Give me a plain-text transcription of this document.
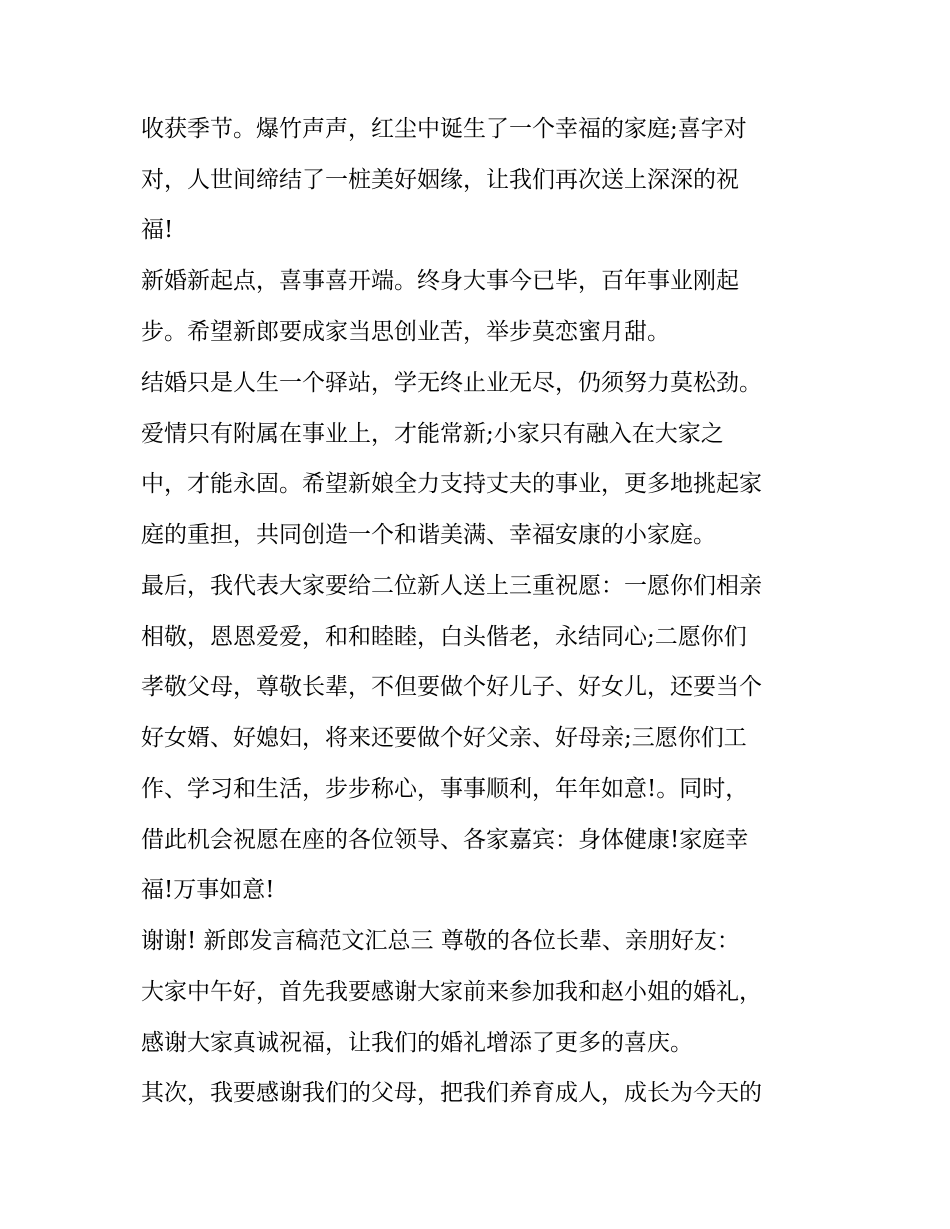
收获季节。爆竹声声，红尘中诞生了一个幸福的家庭;喜字对
对，人世间缔结了一桩美好姻缘，让我们再次送上深深的祝
福!
新婚新起点，喜事喜开端。终身大事今已毕，百年事业刚起
步。希望新郎要成家当思创业苦，举步莫恋蜜月甜。
结婚只是人生一个驿站，学无终止业无尽，仍须努力莫松劲。
爱情只有附属在事业上，才能常新;小家只有融入在大家之
中，才能永固。希望新娘全力支持丈夫的事业，更多地挑起家
庭的重担，共同创造一个和谐美满、幸福安康的小家庭。
最后，我代表大家要给二位新人送上三重祝愿：一愿你们相亲
相敬，恩恩爱爱，和和睦睦，白头偕老，永结同心;二愿你们
孝敬父母，尊敬长辈，不但要做个好儿子、好女儿，还要当个
好女婿、好媳妇，将来还要做个好父亲、好母亲;三愿你们工
作、学习和生活，步步称心，事事顺利，年年如意!。同时，
借此机会祝愿在座的各位领导、各家嘉宾：身体健康!家庭幸
福!万事如意!
谢谢! 新郎发言稿范文汇总三 尊敬的各位长辈、亲朋好友：
大家中午好，首先我要感谢大家前来参加我和赵小姐的婚礼，
感谢大家真诚祝福，让我们的婚礼增添了更多的喜庆。
其次，我要感谢我们的父母，把我们养育成人，成长为今天的
